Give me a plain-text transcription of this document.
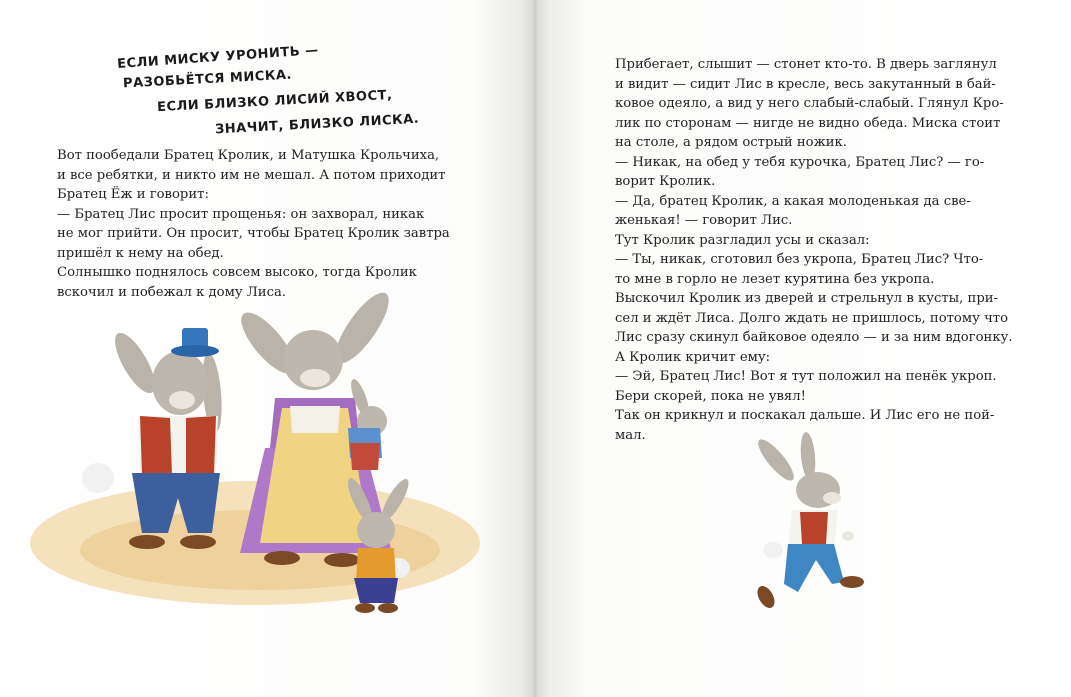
ЕСЛИ МИСКУ УРОНИТЬ —
РАЗОБЬЁТСЯ МИСКА.
ЕСЛИ БЛИЗКО ЛИСИЙ ХВОСТ,
ЗНАЧИТ, БЛИЗКО ЛИСКА.

Вот пообедали Братец Кролик, и Матушка Крольчиха,

и все ребятки, и никто им не мешал. А потом приходит

Братец Ёж и говорит:

— Братец Лис просит прощенья: он захворал, никак

не мог прийти. Он просит, чтобы Братец Кролик завтра

пришёл к нему на обед.

Солнышко поднялось совсем высоко, тогда Кролик

вскочил и побежал к дому Лиса.

Прибегает, слышит — стонет кто-то. В дверь заглянул

и видит — сидит Лис в кресле, весь закутанный в бай-

ковое одеяло, а вид у него слабый-слабый. Глянул Кро-

лик по сторонам — нигде не видно обеда. Миска стоит

на столе, а рядом острый ножик.

— Никак, на обед у тебя курочка, Братец Лис? — го-

ворит Кролик.

— Да, братец Кролик, а какая молоденькая да све-

женькая! — говорит Лис.

Тут Кролик разгладил усы и сказал:

— Ты, никак, сготовил без укропа, Братец Лис? Что-

то мне в горло не лезет курятина без укропа.

Выскочил Кролик из дверей и стрельнул в кусты, при-

сел и ждёт Лиса. Долго ждать не пришлось, потому что

Лис сразу скинул байковое одеяло — и за ним вдогонку.

А Кролик кричит ему:

— Эй, Братец Лис! Вот я тут положил на пенёк укроп.

Бери скорей, пока не увял!

Так он крикнул и поскакал дальше. И Лис его не пой-

мал.
